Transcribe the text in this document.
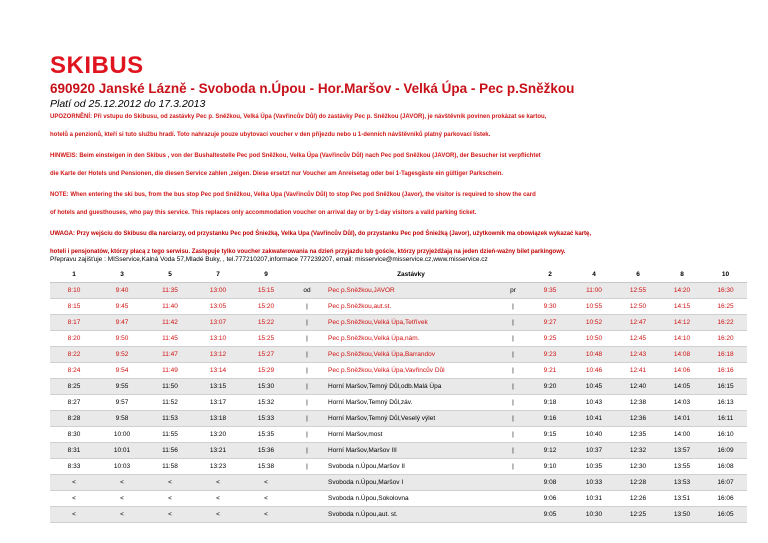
SKIBUS
690920 Janské Lázně - Svoboda n.Úpou - Hor.Maršov - Velká Úpa - Pec p.Sněžkou
Platí od 25.12.2012 do 17.3.2013
UPOZORNĚNÍ: Při vstupu do Skibusu, od zastávky Pec p. Sněžkou, Velká Úpa (Vavřincův Důl) do zastávky Pec p. Sněžkou (JAVOR), je návštěvník povinen prokázat se kartou,
hotelů a penzionů, kteří si tuto službu hradí. Toto nahrazuje pouze ubytovací voucher v den příjezdu nebo u 1-denních návštěvníků platný parkovací lístek.
HINWEIS: Beim einsteigen in den Skibus , von der Bushaltestelle Pec pod Sněžkou, Velka Úpa (Vavřincův Důl) nach Pec pod Sněžkou (JAVOR), der Besucher ist verpflichtet
die Karte der Hotels und Pensionen, die diesen Service zahlen ,zeigen. Diese ersetzt nur Voucher am Anreisetag oder bei 1-Tagesgäste ein gültiger Parkschein.
NOTE: When entering the ski bus, from the bus stop Pec pod Sněžkou, Velka Upa (Vavřincův Důl) to stop Pec pod Sněžkou (Javor), the visitor is required to show the card
of hotels and guesthouses, who pay this service. This replaces only accommodation voucher on arrival day or by 1-day visitors a valid parking ticket.
UWAGA: Przy wejściu do Skibusu dla narciarzy, od przystanku Pec pod Śnieżką, Velka Upa (Vavřincův Důl), do przystanku Pec pod Śnieżką (Javor), użytkownik ma obowiązek wykazać kartę,
hoteli i pensjonatów, którzy płacą z tego serwisu. Zastępuje tylko voucher zakwaterowania na dzień przyjazdu lub goście, którzy przyjeżdżają na jeden dzień-ważny bilet parkingowy.
Přepravu zajišťuje : MISservice,Kalná Voda 57,Mladé Buky, , tel.777210207,informace 777239207, email: misservice@misservice.cz,www.misservice.cz
1	3	5	7	9		Zastávky		2	4	6	8	10
8:10	9:40	11:35	13:00	15:15	od	Pec p.Sněžkou,JAVOR	pr	9:35	11:00	12:55	14:20	16:30
8:15	9:45	11:40	13:05	15:20	|	Pec p.Sněžkou,aut.st.	|	9:30	10:55	12:50	14:15	16:25
8:17	9:47	11:42	13:07	15:22	|	Pec p.Sněžkou,Velká Úpa,Tetřívek	|	9:27	10:52	12:47	14:12	16:22
8:20	9:50	11:45	13:10	15:25	|	Pec p.Sněžkou,Velká Úpa,nám.	|	9:25	10:50	12:45	14:10	16:20
8:22	9:52	11:47	13:12	15:27	|	Pec p.Sněžkou,Velká Úpa,Barrandov	|	9:23	10:48	12:43	14:08	16:18
8:24	9:54	11:49	13:14	15:29	|	Pec p.Sněžkou,Velká Úpa,Vavřincův Důl	|	9:21	10:46	12:41	14:06	16:16
8:25	9:55	11:50	13:15	15:30	|	Horní Maršov,Temný Důl,odb.Malá Úpa	|	9:20	10:45	12:40	14:05	16:15
8:27	9:57	11:52	13:17	15:32	|	Horní Maršov,Temný Důl,záv.	|	9:18	10:43	12:38	14:03	16:13
8:28	9:58	11:53	13:18	15:33	|	Horní Maršov,Temný Důl,Veselý výlet	|	9:16	10:41	12:36	14:01	16:11
8:30	10:00	11:55	13:20	15:35	|	Horní Maršov,most	|	9:15	10:40	12:35	14:00	16:10
8:31	10:01	11:56	13:21	15:36	|	Horní Maršov,Maršov III	|	9:12	10:37	12:32	13:57	16:09
8:33	10:03	11:58	13:23	15:38	|	Svoboda n.Úpou,Maršov II	|	9:10	10:35	12:30	13:55	16:08
<	<	<	<	<		Svoboda n.Úpou,Maršov I		9:08	10:33	12:28	13:53	16:07
<	<	<	<	<		Svoboda n.Úpou,Sokolovna		9:06	10:31	12:26	13:51	16:06
<	<	<	<	<		Svoboda n.Úpou,aut. st.		9:05	10:30	12:25	13:50	16:05
